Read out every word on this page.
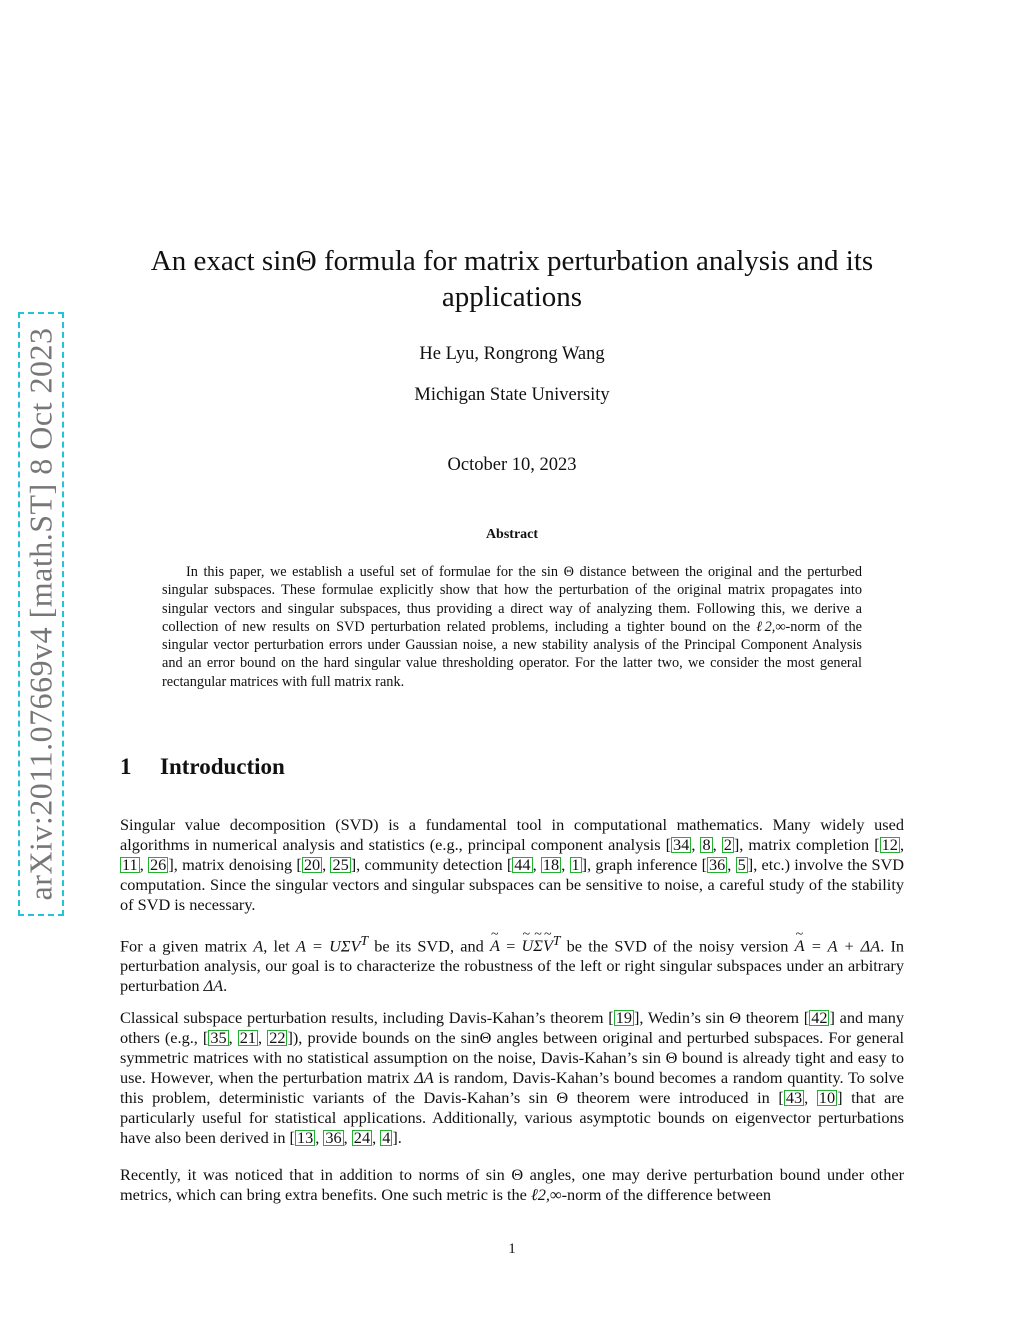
arXiv:2011.07669v4 [math.ST] 8 Oct 2023
An exact sinΘ formula for matrix perturbation analysis and its applications
He Lyu, Rongrong Wang
Michigan State University
October 10, 2023
Abstract

In this paper, we establish a useful set of formulae for the sin Θ distance between the original and the perturbed singular subspaces. These formulae explicitly show that how the perturbation of the original matrix propagates into singular vectors and singular subspaces, thus providing a direct way of analyzing them. Following this, we derive a collection of new results on SVD perturbation related problems, including a tighter bound on the ℓ2,∞-norm of the singular vector perturbation errors under Gaussian noise, a new stability analysis of the Principal Component Analysis and an error bound on the hard singular value thresholding operator. For the latter two, we consider the most general rectangular matrices with full matrix rank.

1 Introduction

Singular value decomposition (SVD) is a fundamental tool in computational mathematics. Many widely used algorithms in numerical analysis and statistics (e.g., principal component analysis [ 34 , 8 , 2 ], matrix completion [ 12 , 11 , 26 ], matrix denoising [ 20 , 25 ], community detection [ 44 , 18 , 1 ], graph inference [ 36 , 5 ], etc.) involve the SVD computation. Since the singular vectors and singular subspaces can be sensitive to noise, a careful study of the stability of SVD is necessary.

For a given matrix A, let $A = U\Sigma V^T$ be its SVD, and ~ A = ~ U~ Σ~ $V^T$ be the SVD of the noisy version ~ A = A + ΔA. In perturbation analysis, our goal is to characterize the robustness of the left or right singular subspaces under an arbitrary perturbation ΔA.

Classical subspace perturbation results, including Davis-Kahan’s theorem [ 19 ], Wedin’s sin Θ theorem [ 42 ] and many others (e.g., [ 35 , 21 , 22 ]), provide bounds on the sinΘ angles between original and perturbed subspaces. For general symmetric matrices with no statistical assumption on the noise, Davis-Kahan’s sin Θ bound is already tight and easy to use. However, when the perturbation matrix ΔA is random, Davis-Kahan’s bound becomes a random quantity. To solve this problem, deterministic variants of the Davis-Kahan’s sin Θ theorem were introduced in [ 43 , 10 ] that are particularly useful for statistical applications. Additionally, various asymptotic bounds on eigenvector perturbations have also been derived in [ 13 , 36 , 24 , 4 ].

Recently, it was noticed that in addition to norms of sin Θ angles, one may derive perturbation bound under other metrics, which can bring extra benefits. One such metric is the ℓ2,∞-norm of the difference between

1
